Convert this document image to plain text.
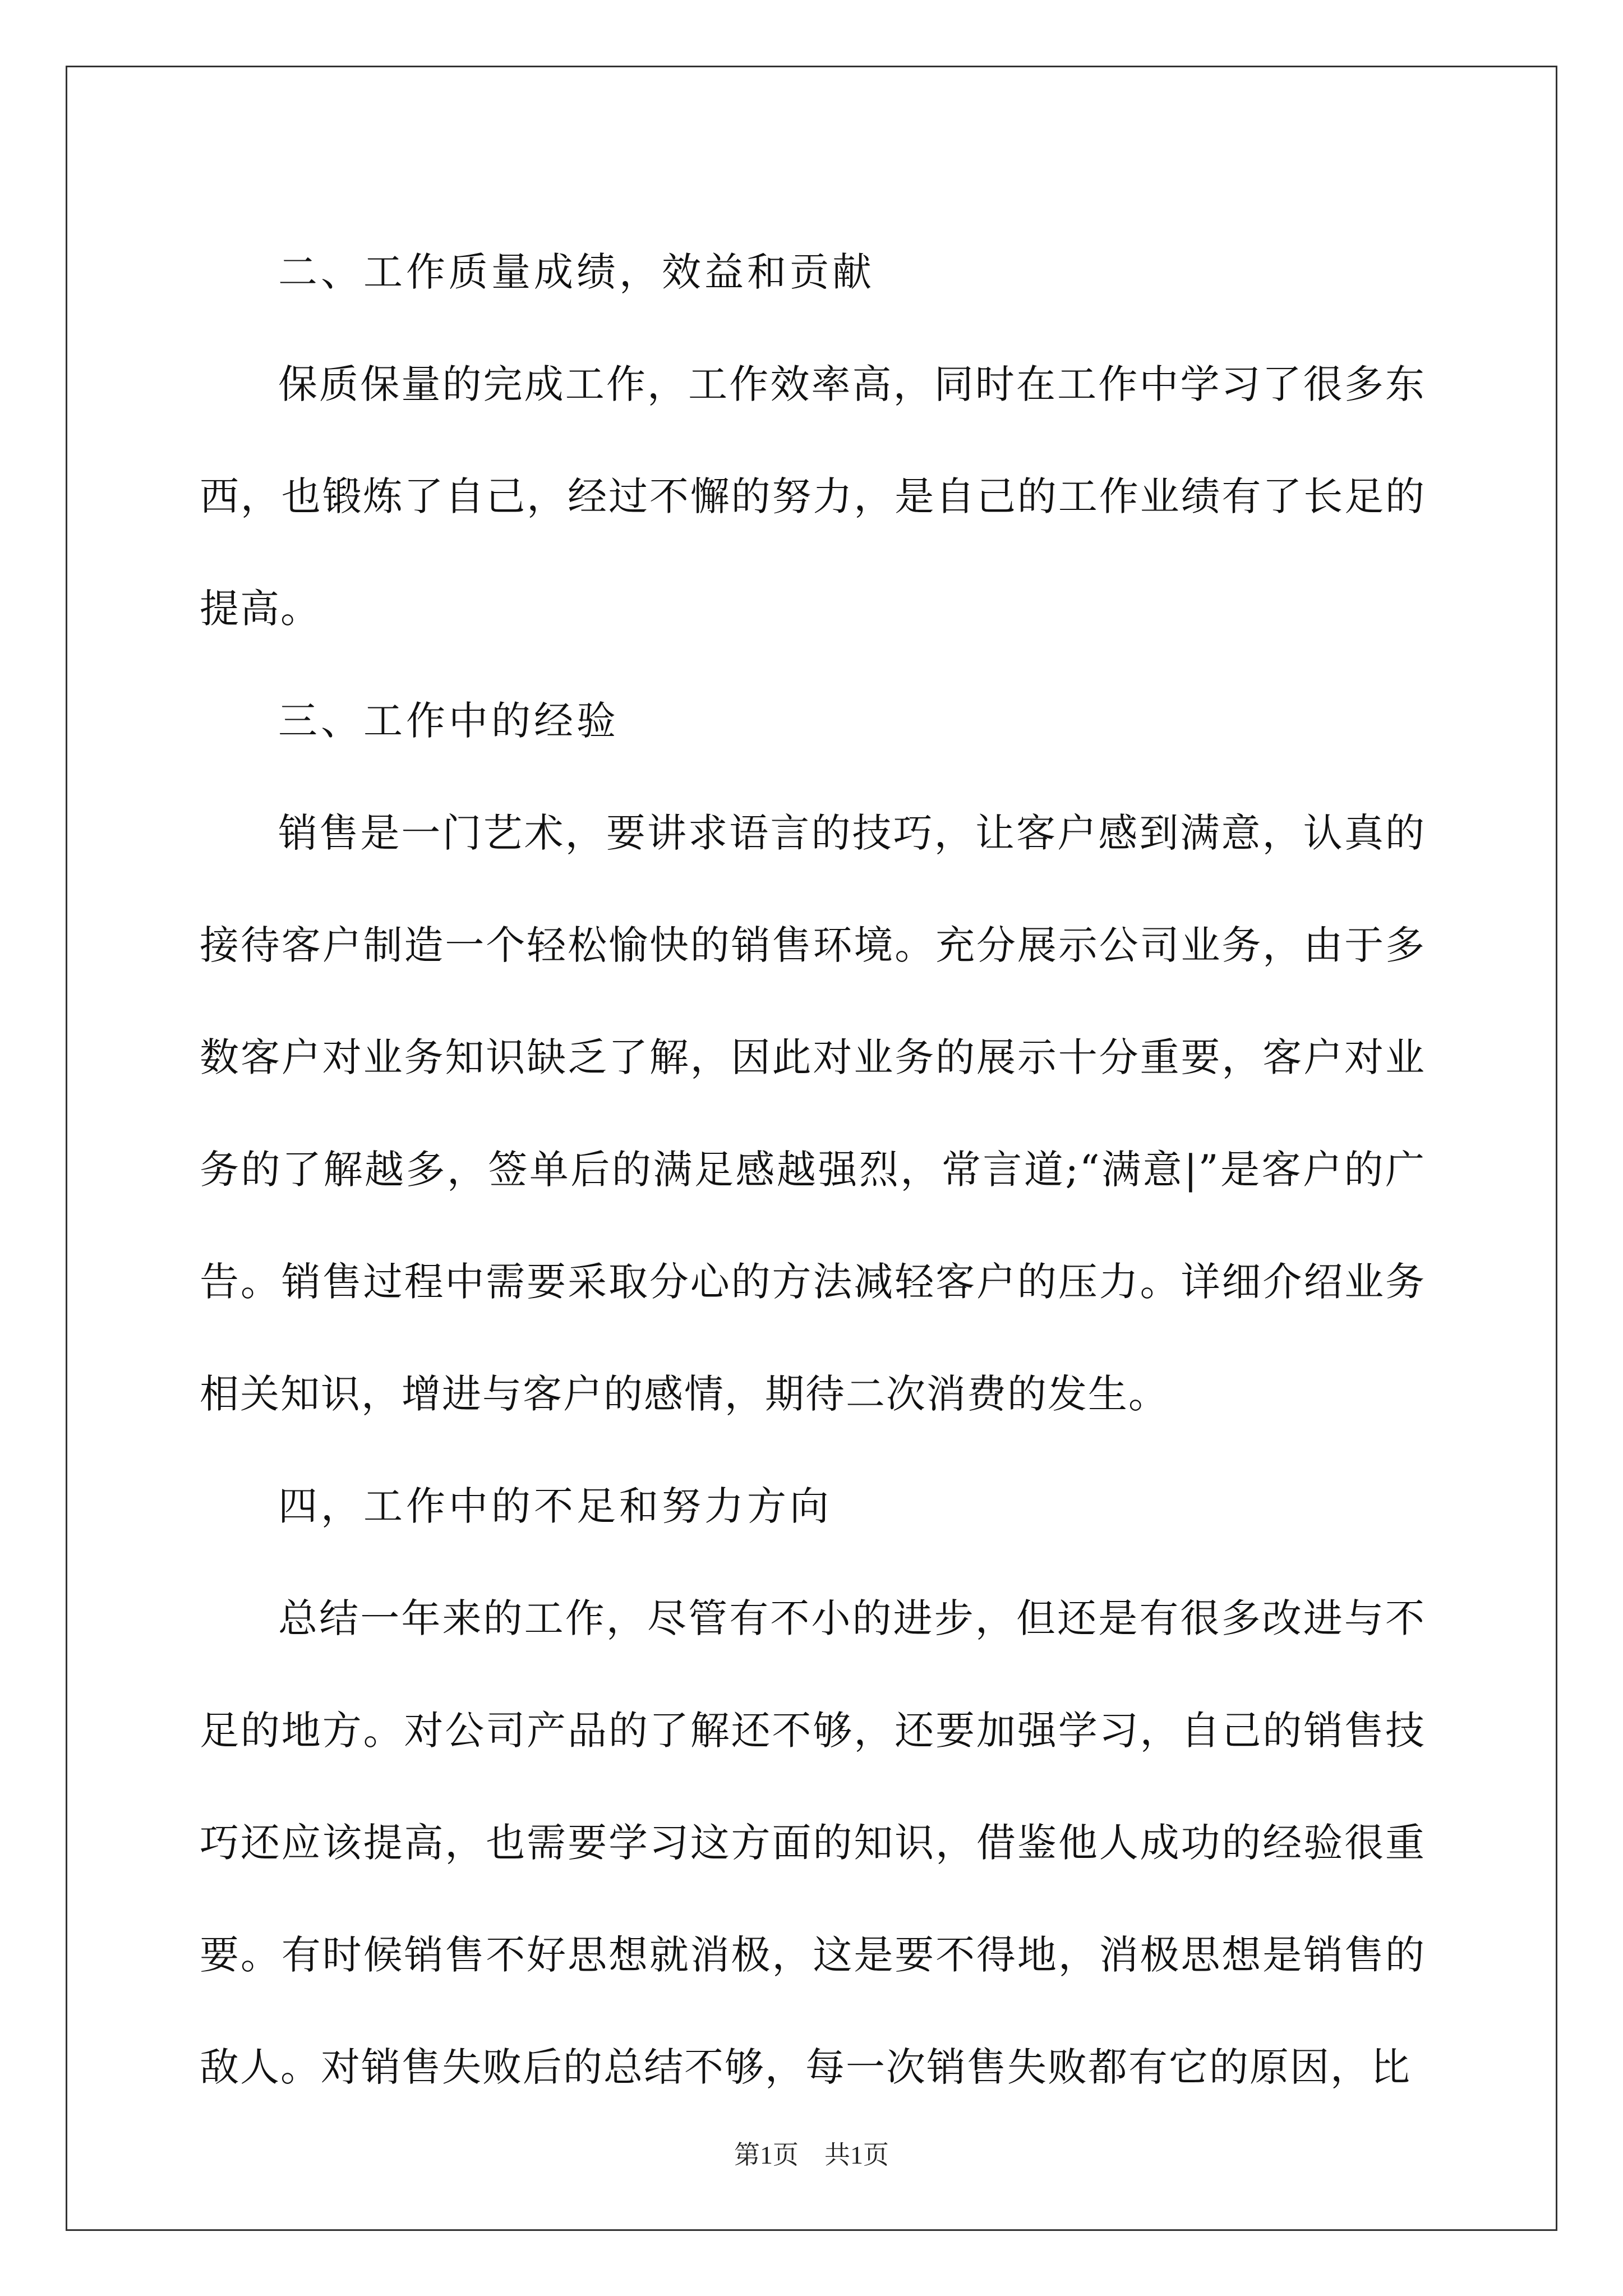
二、工作质量成绩，效益和贡献

保质保量的完成工作，工作效率高，同时在工作中学习了很多东西，也锻炼了自己，经过不懈的努力，是自己的工作业绩有了长足的提高。

三、工作中的经验

销售是一门艺术，要讲求语言的技巧，让客户感到满意，认真的接待客户制造一个轻松愉快的销售环境。充分展示公司业务，由于多数客户对业务知识缺乏了解，因此对业务的展示十分重要，客户对业务的了解越多，签单后的满足感越强烈，常言道;“满意|”是客户的广告。销售过程中需要采取分心的方法减轻客户的压力。详细介绍业务相关知识，增进与客户的感情，期待二次消费的发生。

四，工作中的不足和努力方向

总结一年来的工作，尽管有不小的进步，但还是有很多改进与不足的地方。对公司产品的了解还不够，还要加强学习，自己的销售技巧还应该提高，也需要学习这方面的知识，借鉴他人成功的经验很重要。有时候销售不好思想就消极，这是要不得地，消极思想是销售的敌人。对销售失败后的总结不够，每一次销售失败都有它的原因，比

第1页　共1页
